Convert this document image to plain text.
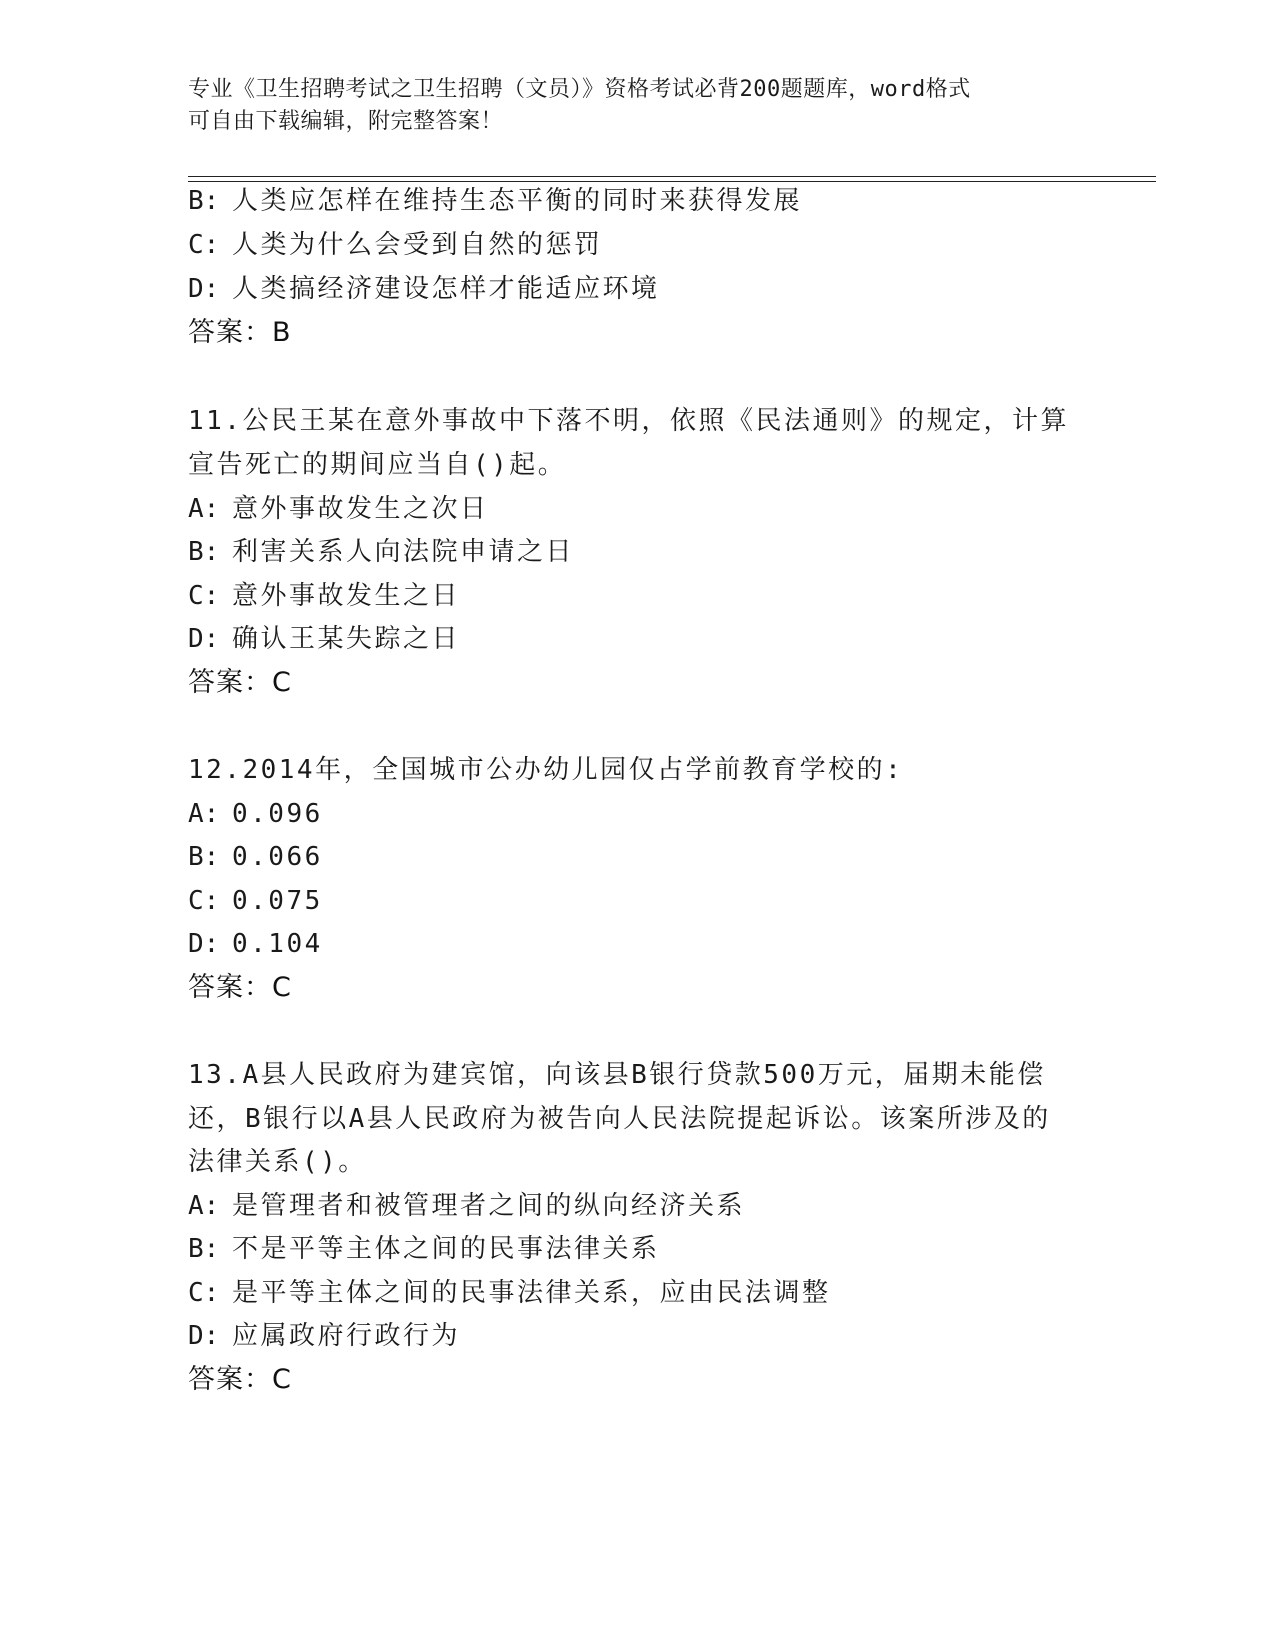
专业《卫生招聘考试之卫生招聘（文员）》资格考试必背200题题库，word格式
可自由下载编辑，附完整答案！
B: 人类应怎样在维持生态平衡的同时来获得发展
C: 人类为什么会受到自然的惩罚
D: 人类搞经济建设怎样才能适应环境
答案：B
11.公民王某在意外事故中下落不明，依照《民法通则》的规定，计算
宣告死亡的期间应当自()起。
A: 意外事故发生之次日
B: 利害关系人向法院申请之日
C: 意外事故发生之日
D: 确认王某失踪之日
答案：C
12.2014年，全国城市公办幼儿园仅占学前教育学校的:
A: 0.096
B: 0.066
C: 0.075
D: 0.104
答案：C
13.A县人民政府为建宾馆，向该县B银行贷款500万元，届期未能偿
还，B银行以A县人民政府为被告向人民法院提起诉讼。该案所涉及的
法律关系()。
A: 是管理者和被管理者之间的纵向经济关系
B: 不是平等主体之间的民事法律关系
C: 是平等主体之间的民事法律关系，应由民法调整
D: 应属政府行政行为
答案：C
